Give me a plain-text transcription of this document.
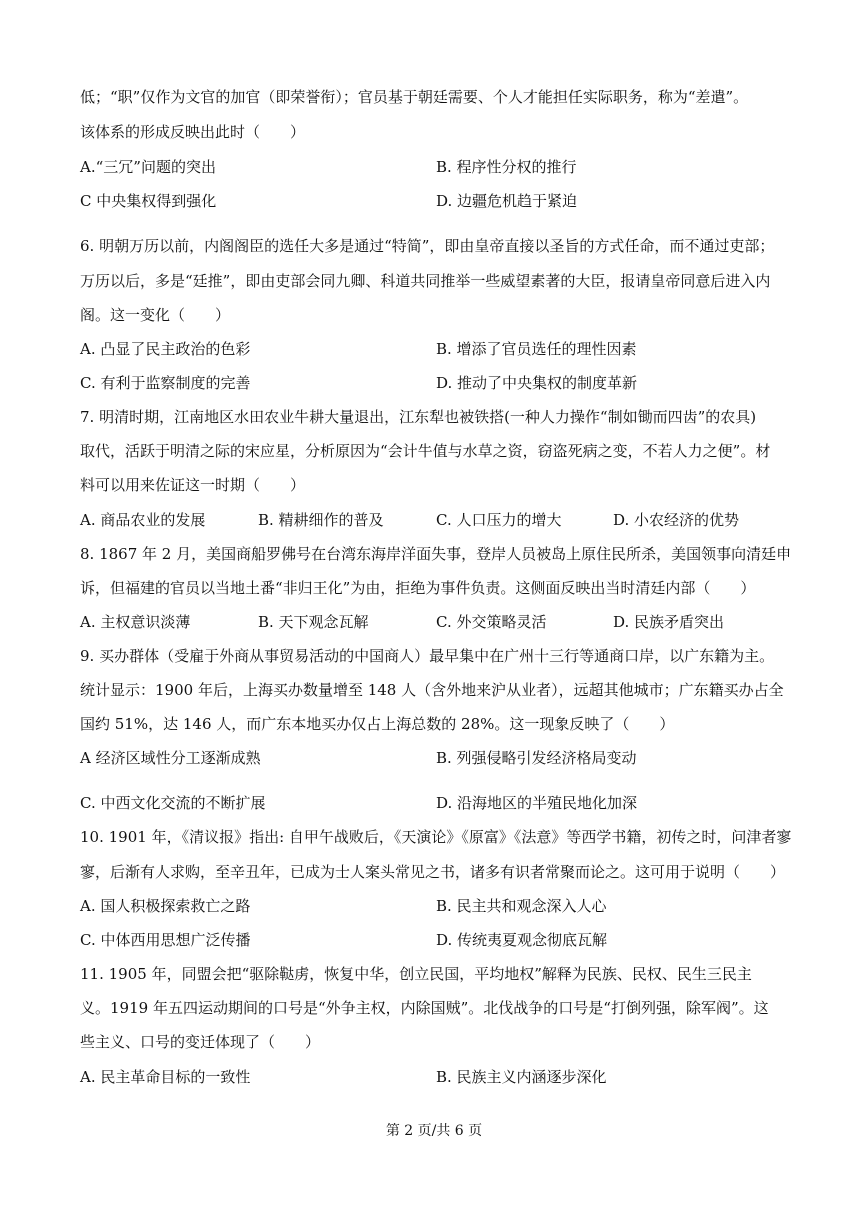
低；“职”仅作为文官的加官（即荣誉衔）；官员基于朝廷需要、个人才能担任实际职务，称为“差遣”。
该体系的形成反映出此时（　　）
A.“三冗”问题的突出	B. 程序性分权的推行
C 中央集权得到强化	D. 边疆危机趋于紧迫
6. 明朝万历以前，内阁阁臣的选任大多是通过“特简”，即由皇帝直接以圣旨的方式任命，而不通过吏部；
万历以后，多是“廷推”，即由吏部会同九卿、科道共同推举一些威望素著的大臣，报请皇帝同意后进入内
阁。这一变化（　　）
A. 凸显了民主政治的色彩	B. 增添了官员选任的理性因素
C. 有利于监察制度的完善	D. 推动了中央集权的制度革新
7. 明清时期，江南地区水田农业牛耕大量退出，江东犁也被铁搭(一种人力操作“制如锄而四齿”的农具)
取代，活跃于明清之际的宋应星，分析原因为“会计牛值与水草之资，窃盗死病之变，不若人力之便”。材
料可以用来佐证这一时期（　　）
A. 商品农业的发展	B. 精耕细作的普及	C. 人口压力的增大	D. 小农经济的优势
8. 1867 年 2 月，美国商船罗佛号在台湾东海岸洋面失事，登岸人员被岛上原住民所杀，美国领事向清廷申
诉，但福建的官员以当地土番“非归王化”为由，拒绝为事件负责。这侧面反映出当时清廷内部（　　）
A. 主权意识淡薄	B. 天下观念瓦解	C. 外交策略灵活	D. 民族矛盾突出
9. 买办群体（受雇于外商从事贸易活动的中国商人）最早集中在广州十三行等通商口岸，以广东籍为主。
统计显示：1900 年后，上海买办数量增至 148 人（含外地来沪从业者），远超其他城市；广东籍买办占全
国约 51%，达 146 人，而广东本地买办仅占上海总数的 28%。这一现象反映了（　　）
A 经济区域性分工逐渐成熟	B. 列强侵略引发经济格局变动
C. 中西文化交流的不断扩展	D. 沿海地区的半殖民地化加深
10. 1901 年，《清议报》指出: 自甲午战败后，《天演论》《原富》《法意》等西学书籍，初传之时，问津者寥
寥，后渐有人求购，至辛丑年，已成为士人案头常见之书，诸多有识者常聚而论之。这可用于说明（　　）
A. 国人积极探索救亡之路	B. 民主共和观念深入人心
C. 中体西用思想广泛传播	D. 传统夷夏观念彻底瓦解
11. 1905 年，同盟会把“驱除鞑虏，恢复中华，创立民国，平均地权”解释为民族、民权、民生三民主
义。1919 年五四运动期间的口号是“外争主权，内除国贼”。北伐战争的口号是“打倒列强，除军阀”。这
些主义、口号的变迁体现了（　　）
A. 民主革命目标的一致性	B. 民族主义内涵逐步深化
第 2 页/共 6 页
